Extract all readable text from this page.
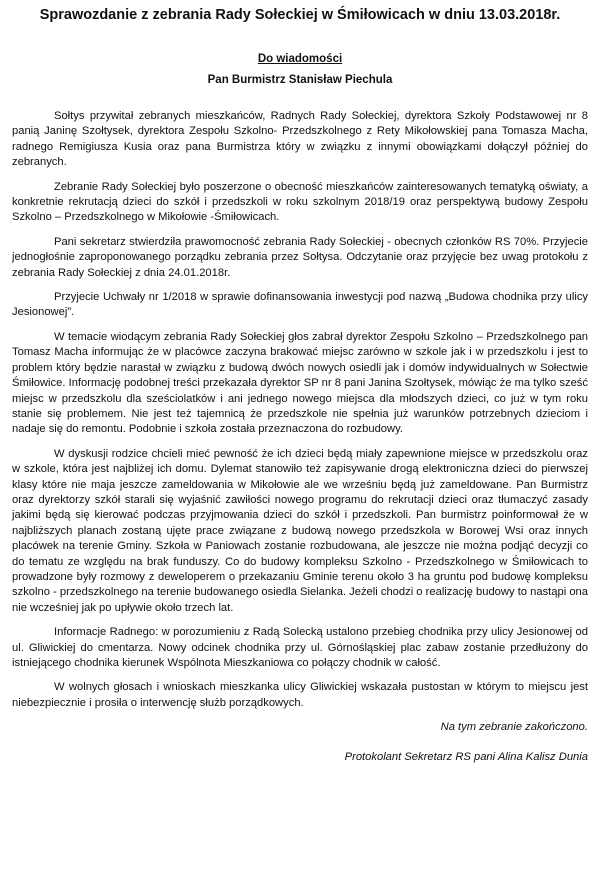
Sprawozdanie z zebrania Rady Sołeckiej w Śmiłowicach w dniu 13.03.2018r.
Do wiadomości
Pan Burmistrz Stanisław Piechula

Sołtys przywitał zebranych mieszkańców, Radnych Rady Sołeckiej, dyrektora Szkoły Podstawowej nr 8 panią Janinę Szołtysek, dyrektora Zespołu Szkolno- Przedszkolnego z Rety Mikołowskiej pana Tomasza Macha, radnego Remigiusza Kusia oraz pana Burmistrza który w związku z innymi obowiązkami dołączył później do zebranych.

Zebranie Rady Sołeckiej było poszerzone o obecność mieszkańców zainteresowanych tematyką oświaty, a konkretnie rekrutacją dzieci do szkół i przedszkoli w roku szkolnym 2018/19 oraz perspektywą budowy Zespołu Szkolno – Przedszkolnego w Mikołowie -Śmiłowicach.

Pani sekretarz stwierdziła prawomocność zebrania Rady Sołeckiej - obecnych członków RS 70%. Przyjecie jednogłośnie zaproponowanego porządku zebrania przez Sołtysa. Odczytanie oraz przyjęcie bez uwag protokołu z zebrania Rady Sołeckiej z dnia 24.01.2018r.

Przyjecie Uchwały nr 1/2018 w sprawie dofinansowania inwestycji pod nazwą „Budowa chodnika przy ulicy Jesionowej”.

W temacie wiodącym zebrania Rady Sołeckiej głos zabrał dyrektor Zespołu Szkolno – Przedszkolnego pan Tomasz Macha informując że w placówce zaczyna brakować miejsc zarówno w szkole jak i w przedszkolu i jest to problem który będzie narastał w związku z budową dwóch nowych osiedli jak i domów indywidualnych w Sołectwie Śmiłowice. Informację podobnej treści przekazała dyrektor SP nr 8 pani Janina Szołtysek, mówiąc że ma tylko sześć miejsc w przedszkolu dla sześciolatków i ani jednego nowego miejsca dla młodszych dzieci, co już w tym roku stanie się problemem. Nie jest też tajemnicą że przedszkole nie spełnia już warunków potrzebnych dzieciom i nadaje się do remontu. Podobnie i szkoła została przeznaczona do rozbudowy.

W dyskusji rodzice chcieli mieć pewność że ich dzieci będą miały zapewnione miejsce w przedszkolu oraz w szkole, która jest najbliżej ich domu. Dylemat stanowiło też zapisywanie drogą elektroniczna dzieci do pierwszej klasy które nie maja jeszcze zameldowania w Mikołowie ale we wrześniu będą już zameldowane. Pan Burmistrz oraz dyrektorzy szkół starali się wyjaśnić zawiłości nowego programu do rekrutacji dzieci oraz tłumaczyć zasady jakimi będą się kierować podczas przyjmowania dzieci do szkół i przedszkoli. Pan burmistrz poinformował że w najbliższych planach zostaną ujęte prace związane z budową nowego przedszkola w Borowej Wsi oraz innych placówek na terenie Gminy. Szkoła w Paniowach zostanie rozbudowana, ale jeszcze nie można podjąć decyzji co do tematu ze względu na brak funduszy. Co do budowy kompleksu Szkolno - Przedszkolnego w Śmiłowicach to prowadzone były rozmowy z deweloperem o przekazaniu Gminie terenu około 3 ha gruntu pod budowę kompleksu szkolno - przedszkolnego na terenie budowanego osiedla Sielanka. Jeżeli chodzi o realizację budowy to nastąpi ona nie wcześniej jak po upływie około trzech lat.

Informacje Radnego: w porozumieniu z Radą Solecką ustalono przebieg chodnika przy ulicy Jesionowej od ul. Gliwickiej do cmentarza. Nowy odcinek chodnika przy ul. Górnośląskiej plac zabaw zostanie przedłużony do istniejącego chodnika kierunek Wspólnota Mieszkaniowa co połączy chodnik w całość.

W wolnych głosach i wnioskach mieszkanka ulicy Gliwickiej wskazała pustostan w którym to miejscu jest niebezpiecznie i prosiła o interwencję służb porządkowych.

Na tym zebranie zakończono.
Protokolant Sekretarz RS pani Alina Kalisz Dunia
